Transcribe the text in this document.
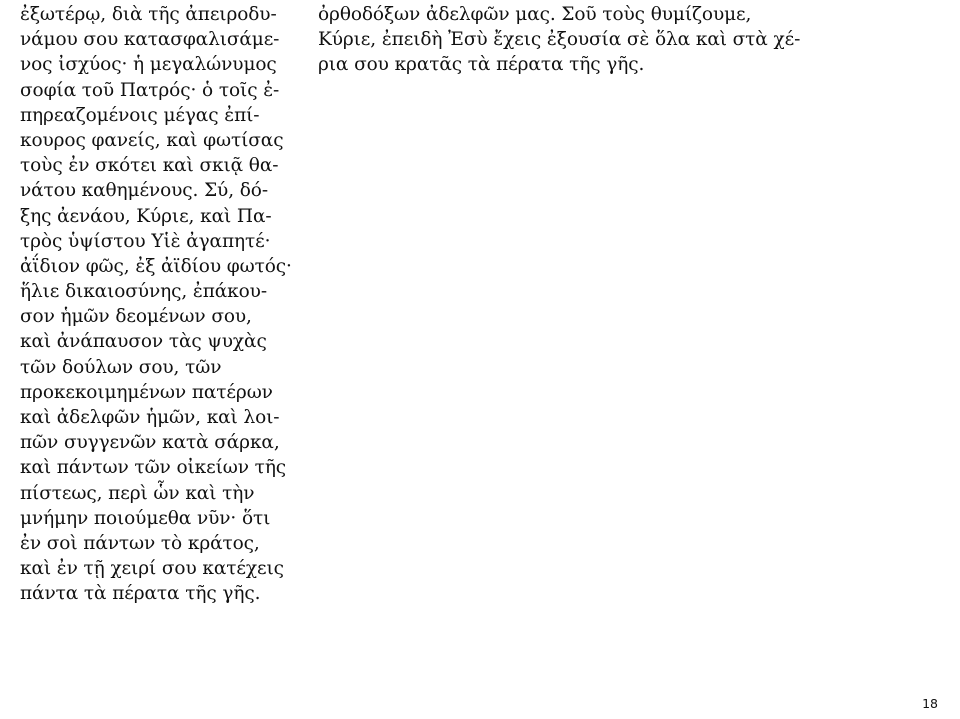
ἐξωτέρῳ, διὰ τῆς ἀπειροδυ-
νάμου σου κατασφαλισάμε-
νος ἰσχύος· ἡ μεγαλώνυμος
σοφία τοῦ Πατρός· ὁ τοῖς ἐ-
πηρεαζομένοις μέγας ἐπί-
κουρος φανείς, καὶ φωτίσας
τοὺς ἐν σκότει καὶ σκιᾷ θα-
νάτου καθημένους. Σύ, δό-
ξης ἀενάου, Κύριε, καὶ Πα-
τρὸς ὑψίστου Υἱὲ ἀγαπητέ·
ἀΐδιον φῶς, ἐξ ἀϊδίου φωτός·
ἥλιε δικαιοσύνης, ἐπάκου-
σον ἡμῶν δεομένων σου,
καὶ ἀνάπαυσον τὰς ψυχὰς
τῶν δούλων σου, τῶν
προκεκοιμημένων πατέρων
καὶ ἀδελφῶν ἡμῶν, καὶ λοι-
πῶν συγγενῶν κατὰ σάρκα,
καὶ πάντων τῶν οἰκείων τῆς
πίστεως, περὶ ὧν καὶ τὴν
μνήμην ποιούμεθα νῦν· ὅτι
ἐν σοὶ πάντων τὸ κράτος,
καὶ ἐν τῇ χειρί σου κατέχεις
πάντα τὰ πέρατα τῆς γῆς.
ὀρθοδόξων ἀδελφῶν μας. Σοῦ τοὺς θυμίζουμε,
Κύριε, ἐπειδὴ Ἐσὺ ἔχεις ἐξουσία σὲ ὅλα καὶ στὰ χέ-
ρια σου κρατᾶς τὰ πέρατα τῆς γῆς.
18
